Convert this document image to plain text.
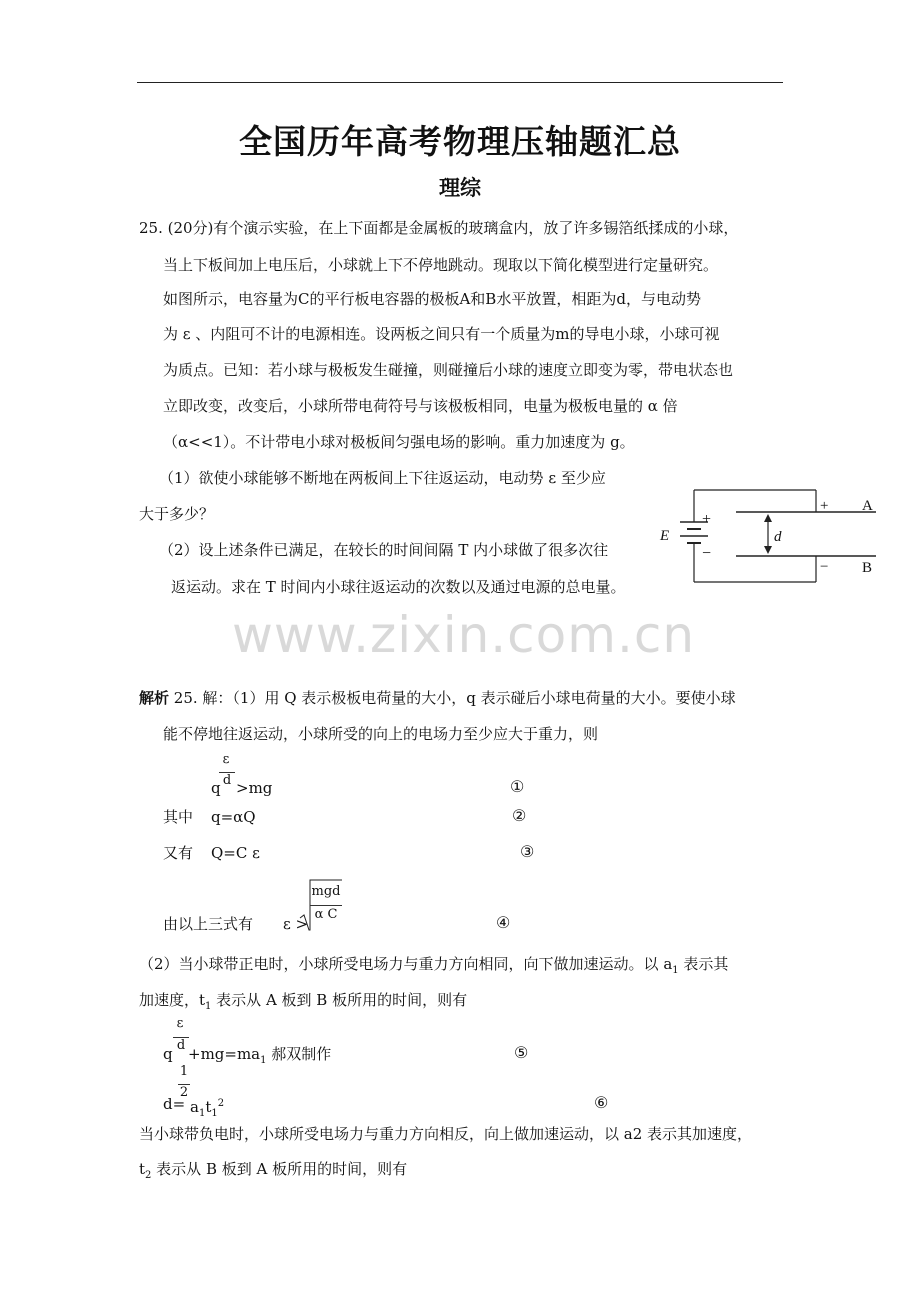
全国历年高考物理压轴题汇总
理综
25. (20分)有个演示实验，在上下面都是金属板的玻璃盒内，放了许多锡箔纸揉成的小球，
当上下板间加上电压后，小球就上下不停地跳动。现取以下简化模型进行定量研究。
如图所示，电容量为C的平行板电容器的极板A和B水平放置，相距为d，与电动势
为 ε 、内阻可不计的电源相连。设两板之间只有一个质量为m的导电小球，小球可视
为质点。已知：若小球与极板发生碰撞，则碰撞后小球的速度立即变为零，带电状态也
立即改变，改变后，小球所带电荷符号与该极板相同，电量为极板电量的 α 倍
（α<<1）。不计带电小球对极板间匀强电场的影响。重力加速度为 g。
（1）欲使小球能够不断地在两板间上下往返运动，电动势 ε 至少应
大于多少？
（2）设上述条件已满足，在较长的时间间隔 T 内小球做了很多次往
返运动。求在 T 时间内小球往返运动的次数以及通过电源的总电量。
E
+
−
d
+
−
A
B
www.zixin.com.cn
解析 25. 解：（1）用 Q 表示极板电荷量的大小，q 表示碰后小球电荷量的大小。要使小球
能不停地往返运动，小球所受的向上的电场力至少应大于重力，则
ε
q d >mg	①
其中 q=αQ	②
又有 Q=C ε	③
由以上三式有 ε >
mgd
α C	④
（2）当小球带正电时，小球所受电场力与重力方向相同，向下做加速运动。以 $a_1$ 表示其
加速度，$t_1$ 表示从 A 板到 B 板所用的时间，则有
ε
q $d +mg=ma_1$ 郝双制作	⑤
1
d=
2
$a_1t_1^2$	⑥
当小球带负电时，小球所受电场力与重力方向相反，向上做加速运动，以 a2 表示其加速度，
$t_2$ 表示从 B 板到 A 板所用的时间，则有
